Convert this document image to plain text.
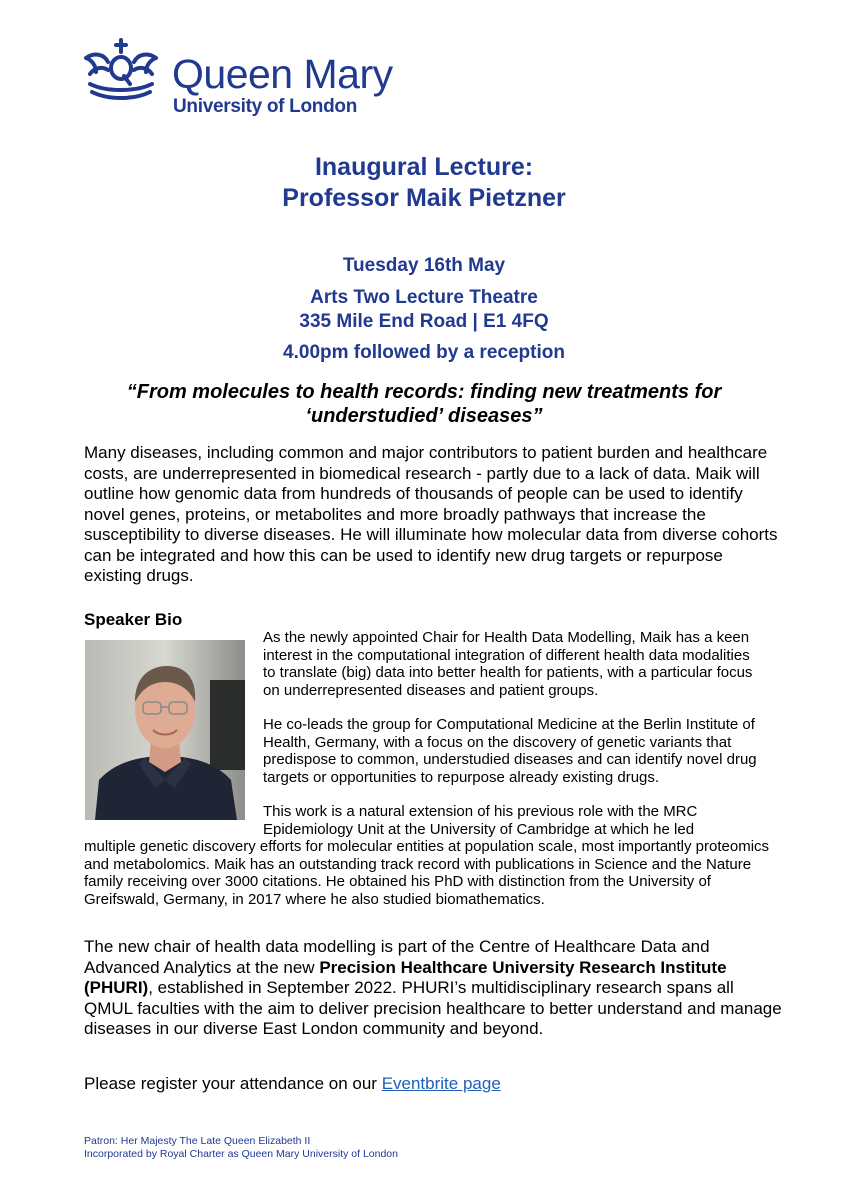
Queen Mary
University of London
Inaugural Lecture:
Professor Maik Pietzner
Tuesday 16th May
Arts Two Lecture Theatre
335 Mile End Road | E1 4FQ
4.00pm followed by a reception
“From molecules to health records: finding new treatments for
‘understudied’ diseases”

Many diseases, including common and major contributors to patient burden and healthcare costs, are underrepresented in biomedical research - partly due to a lack of data. Maik will outline how genomic data from hundreds of thousands of people can be used to identify novel genes, proteins, or metabolites and more broadly pathways that increase the susceptibility to diverse diseases. He will illuminate how molecular data from diverse cohorts can be integrated and how this can be used to identify new drug targets or repurpose existing drugs.

Speaker Bio

As the newly appointed Chair for Health Data Modelling, Maik has a keen interest in the computational integration of different health data modalities to translate (big) data into better health for patients, with a particular focus on underrepresented diseases and patient groups.

He co-leads the group for Computational Medicine at the Berlin Institute of Health, Germany, with a focus on the discovery of genetic variants that predispose to common, understudied diseases and can identify novel drug targets or opportunities to repurpose already existing drugs.

This work is a natural extension of his previous role with the MRC Epidemiology Unit at the University of Cambridge at which he led

multiple genetic discovery efforts for molecular entities at population scale, most importantly proteomics and metabolomics. Maik has an outstanding track record with publications in Science and the Nature family receiving over 3000 citations. He obtained his PhD with distinction from the University of Greifswald, Germany, in 2017 where he also studied biomathematics.

The new chair of health data modelling is part of the Centre of Healthcare Data and Advanced Analytics at the new Precision Healthcare University Research Institute (PHURI), established in September 2022. PHURI’s multidisciplinary research spans all QMUL faculties with the aim to deliver precision healthcare to better understand and manage diseases in our diverse East London community and beyond.

Please register your attendance on our Eventbrite page
Patron: Her Majesty The Late Queen Elizabeth II
Incorporated by Royal Charter as Queen Mary University of London
